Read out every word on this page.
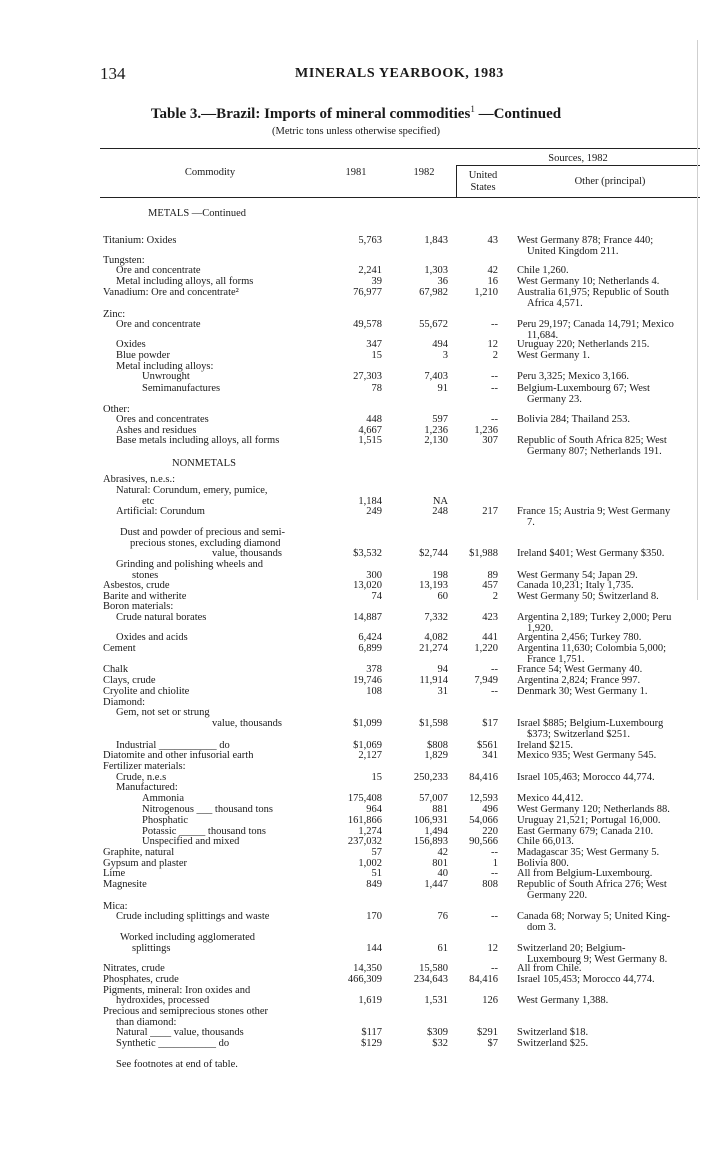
134	MINERALS YEARBOOK, 1983
Table 3.—Brazil: Imports of mineral commodities$^1$ —Continued
(Metric tons unless otherwise specified)
Commodity	1981	1982
Sources, 1982
United States
Other (principal)
METALS —Continued
NONMETALS
Titanium: Oxides	5,763	1,843	43 West Germany 878; France 440;
United Kingdom 211.
Tungsten:
Ore and concentrate	2,241	1,303	42 Chile 1,260.
Metal including alloys, all forms	39	36	16 West Germany 10; Netherlands 4.
Vanadium: Ore and concentrate²	76,977	67,982	1,210 Australia 61,975; Republic of South
Africa 4,571.
Zinc:
Ore and concentrate	49,578	55,672	-- Peru 29,197; Canada 14,791; Mexico
11,684.
Oxides	347	494	12 Uruguay 220; Netherlands 215.
Blue powder	15	3	2 West Germany 1.
Metal including alloys:
Unwrought	27,303	7,403	-- Peru 3,325; Mexico 3,166.
Semimanufactures	78	91	-- Belgium-Luxembourg 67; West
Germany 23.
Other:
Ores and concentrates	448	597	-- Bolivia 284; Thailand 253.
Ashes and residues	4,667	1,236	1,236
Base metals including alloys, all forms	1,515	2,130	307 Republic of South Africa 825; West
Germany 807; Netherlands 191.
Abrasives, n.e.s.:
Natural: Corundum, emery, pumice,
etc	1,184	NA
Artificial: Corundum	249	248	217 France 15; Austria 9; West Germany
7.
Dust and powder of precious and semi-
precious stones, excluding diamond
value, thousands	$3,532	$2,744	$1,988 Ireland $401; West Germany $350.
Grinding and polishing wheels and
stones	300	198	89 West Germany 54; Japan 29.
Asbestos, crude	13,020	13,193	457 Canada 10,231; Italy 1,735.
Barite and witherite	74	60	2 West Germany 50; Switzerland 8.
Boron materials:
Crude natural borates	14,887	7,332	423 Argentina 2,189; Turkey 2,000; Peru
1,920.
Oxides and acids	6,424	4,082	441 Argentina 2,456; Turkey 780.
Cement	6,899	21,274	1,220 Argentina 11,630; Colombia 5,000;
France 1,751.
Chalk	378	94	-- France 54; West Germany 40.
Clays, crude	19,746	11,914	7,949 Argentina 2,824; France 997.
Cryolite and chiolite	108	31	-- Denmark 30; West Germany 1.
Diamond:
Gem, not set or strung
value, thousands	$1,099	$1,598	$17 Israel $885; Belgium-Luxembourg
$373; Switzerland $251.
Industrial ___________ do	$1,069	$808	$561 Ireland $215.
Diatomite and other infusorial earth	2,127	1,829	341 Mexico 935; West Germany 545.
Fertilizer materials:
Crude, n.e.s	15	250,233	84,416 Israel 105,463; Morocco 44,774.
Manufactured:
Ammonia	175,408	57,007	12,593 Mexico 44,412.
Nitrogenous ___ thousand tons	964	881	496 West Germany 120; Netherlands 88.
Phosphatic	161,866	106,931	54,066 Uruguay 21,521; Portugal 16,000.
Potassic _____ thousand tons	1,274	1,494	220 East Germany 679; Canada 210.
Unspecified and mixed	237,032	156,893	90,566 Chile 66,013.
Graphite, natural	57	42	-- Madagascar 35; West Germany 5.
Gypsum and plaster	1,002	801	1 Bolivia 800.
Lime	51	40	-- All from Belgium-Luxembourg.
Magnesite	849	1,447	808 Republic of South Africa 276; West
Germany 220.
Mica:
Crude including splittings and waste	170	76	-- Canada 68; Norway 5; United King-
dom 3.
Worked including agglomerated
splittings	144	61	12 Switzerland 20; Belgium-
Luxembourg 9; West Germany 8.
Nitrates, crude	14,350	15,580	-- All from Chile.
Phosphates, crude	466,309	234,643	84,416 Israel 105,453; Morocco 44,774.
Pigments, mineral: Iron oxides and
hydroxides, processed	1,619	1,531	126 West Germany 1,388.
Precious and semiprecious stones other
than diamond:
Natural ____ value, thousands	$117	$309	$291 Switzerland $18.
Synthetic ___________ do	$129	$32	$7 Switzerland $25.
See footnotes at end of table.
